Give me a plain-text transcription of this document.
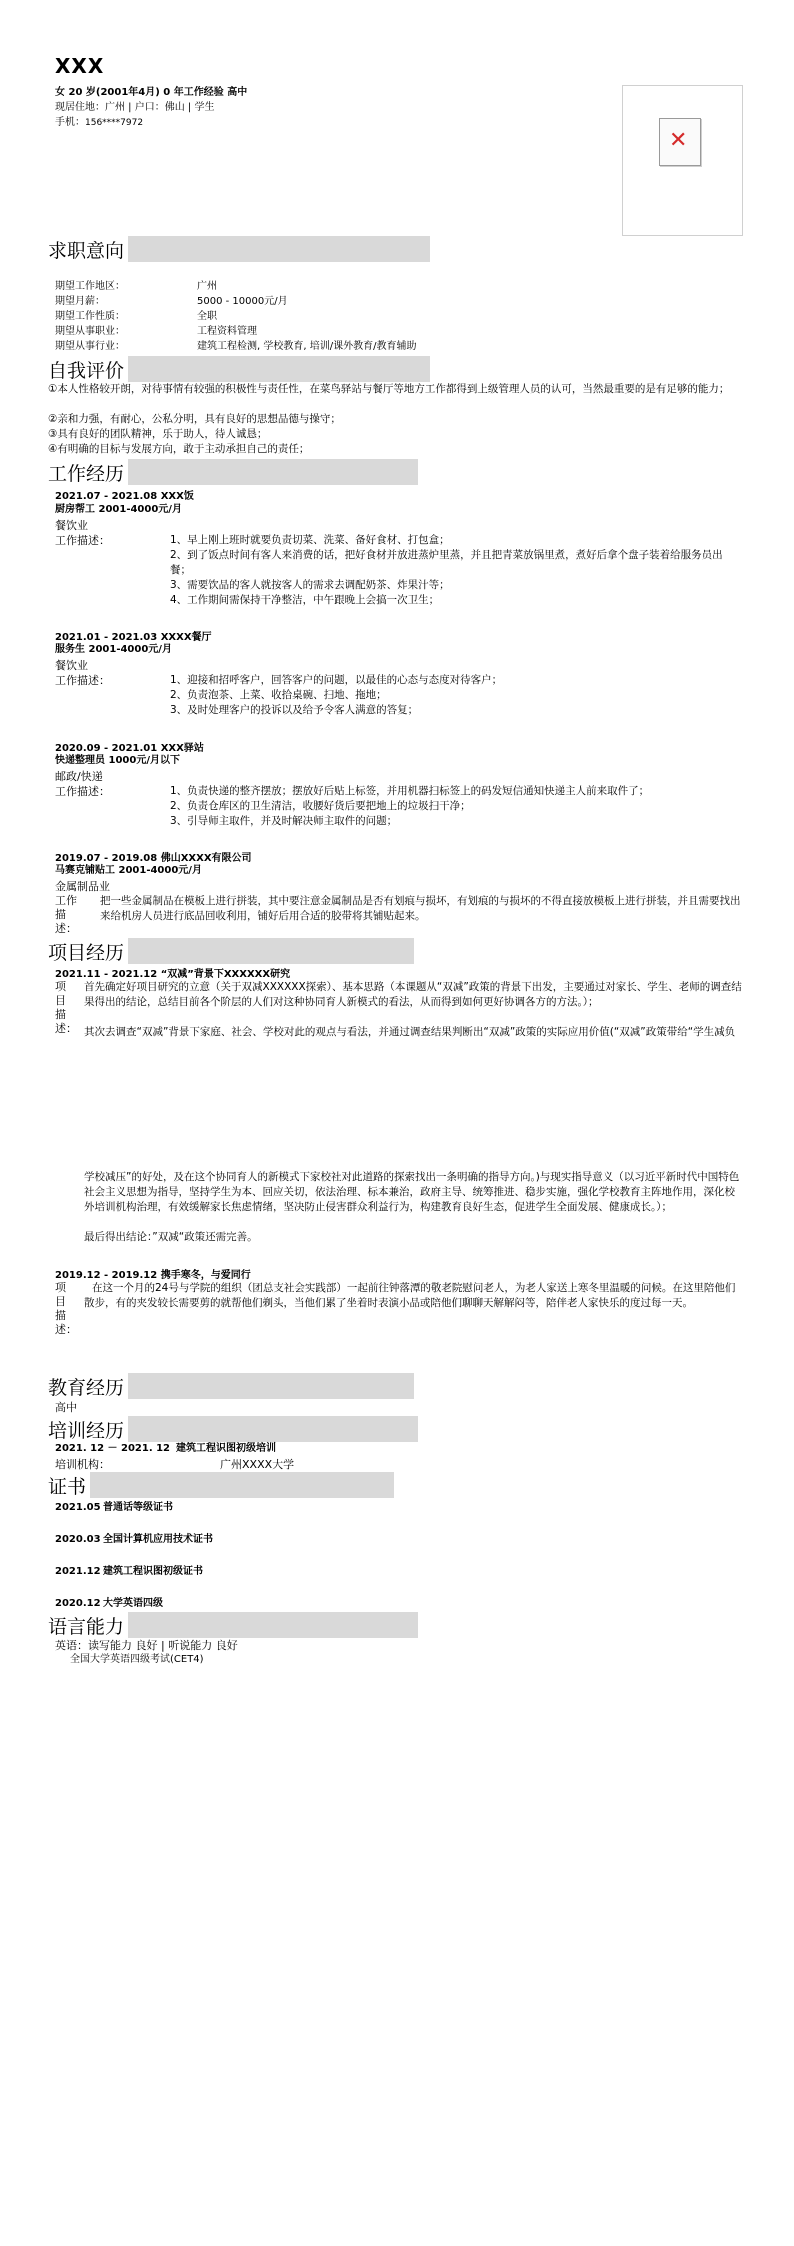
XXX
女 20 岁(2001年4月) 0 年工作经验 高中
现居住地：广州 | 户口：佛山 | 学生
手机：156****7972
✕
求职意向
期望工作地区：	广州
期望月薪：	5000 - 10000元/月
期望工作性质：	全职
期望从事职业：	工程资料管理
期望从事行业：	建筑工程检测, 学校教育, 培训/课外教育/教育辅助
自我评价
①本人性格较开朗，对待事情有较强的积极性与责任性，在菜鸟驿站与餐厅等地方工作都得到上级管理人员的认可，当然最重要的是有足够的能力；
②亲和力强，有耐心，公私分明，具有良好的思想品德与操守；
③具有良好的团队精神，乐于助人，待人诚恳；
④有明确的目标与发展方向，敢于主动承担自己的责任；
工作经历
2021.07 - 2021.08 XXX饭
厨房帮工 2001-4000元/月
餐饮业
工作描述：	1、早上刚上班时就要负责切菜、洗菜、备好食材、打包盒；
2、到了饭点时间有客人来消费的话，把好食材并放进蒸炉里蒸，并且把青菜放锅里煮，煮好后拿个盘子装着给服务员出餐；
3、需要饮品的客人就按客人的需求去调配奶茶、炸果汁等；
4、工作期间需保持干净整洁，中午跟晚上会搞一次卫生；
2021.01 - 2021.03 XXXX餐厅
服务生 2001-4000元/月
餐饮业
工作描述：	1、迎接和招呼客户，回答客户的问题，以最佳的心态与态度对待客户；
2、负责泡茶、上菜、收拾桌碗、扫地、拖地；
3、及时处理客户的投诉以及给予令客人满意的答复；
2020.09 - 2021.01 XXX驿站
快递整理员 1000元/月以下
邮政/快递
工作描述：	1、负责快递的整齐摆放；摆放好后贴上标签，并用机器扫标签上的码发短信通知快递主人前来取件了；
2、负责仓库区的卫生清洁，收腰好货后要把地上的垃圾扫干净；
3、引导师主取件，并及时解决师主取件的问题；
2019.07 - 2019.08 佛山XXXX有限公司
马赛克铺贴工 2001-4000元/月
金属制品业
工作描述：
把一些金属制品在模板上进行拼装，其中要注意金属制品是否有划痕与损坏，有划痕的与损坏的不得直接放模板上进行拼装，并且需要找出来给机房人员进行底品回收利用，铺好后用合适的胶带将其铺贴起来。
项目经历
2021.11 - 2021.12 “双减”背景下XXXXXX研究
项目描述：
首先确定好项目研究的立意（关于双减XXXXXX探索）、基本思路（本课题从“双减”政策的背景下出发，主要通过对家长、学生、老师的调查结果得出的结论，总结目前各个阶层的人们对这种协同育人新模式的看法，从而得到如何更好协调各方的方法。）；
其次去调查“双减”背景下家庭、社会、学校对此的观点与看法，并通过调查结果判断出“双减”政策的实际应用价值(“双减”政策带给“学生减负
学校减压”的好处，及在这个协同育人的新模式下家校社对此道路的探索找出一条明确的指导方向。)与现实指导意义（以习近平新时代中国特色社会主义思想为指导，坚持学生为本、回应关切，依法治理、标本兼治，政府主导、统筹推进、稳步实施，强化学校教育主阵地作用，深化校外培训机构治理，有效缓解家长焦虑情绪，坚决防止侵害群众利益行为，构建教育良好生态，促进学生全面发展、健康成长。）；
最后得出结论：”双减“政策还需完善。
2019.12 - 2019.12 携手寒冬，与爱同行
项目描述：
在这一个月的24号与学院的组织（团总支社会实践部）一起前往钟落潭的敬老院慰问老人，为老人家送上寒冬里温暖的问候。在这里陪他们散步，有的夹发较长需要剪的就帮他们剃头，当他们累了坐着时表演小品或陪他们聊聊天解解闷等，陪伴老人家快乐的度过每一天。
教育经历
高中
培训经历
2021. 12 － 2021. 12 建筑工程识图初级培训
培训机构：	广州XXXX大学
证书
2021.05 普通话等级证书
2020.03 全国计算机应用技术证书
2021.12 建筑工程识图初级证书
2020.12 大学英语四级
语言能力
英语：读写能力 良好 | 听说能力 良好
全国大学英语四级考试(CET4)
